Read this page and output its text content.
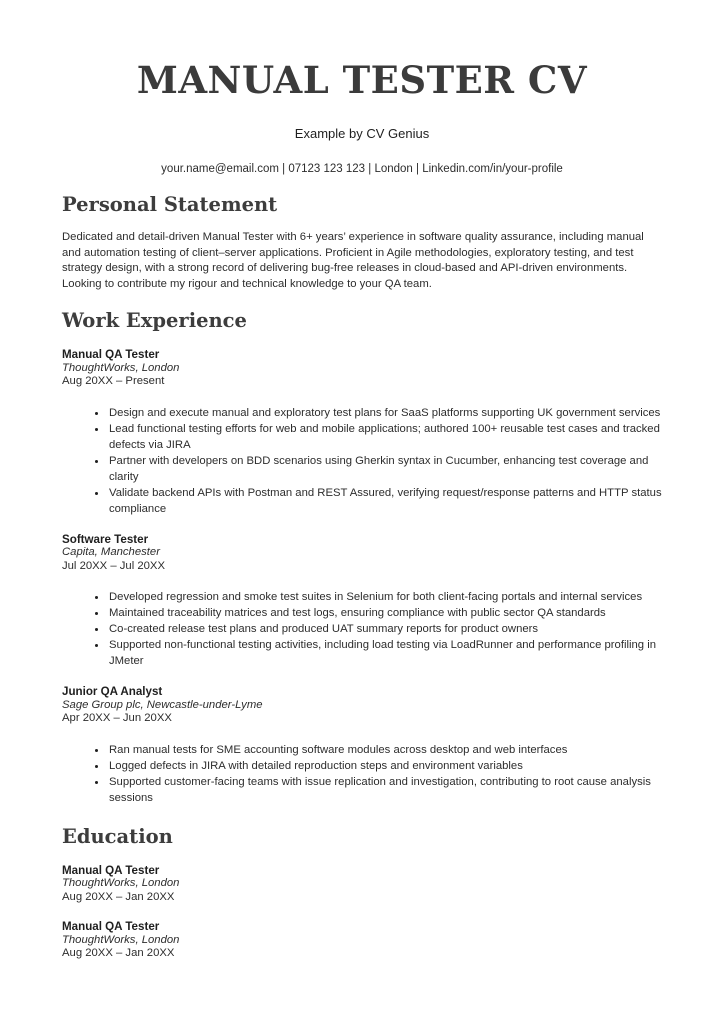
MANUAL TESTER CV

Example by CV Genius

your.name@email.com | 07123 123 123 | London | Linkedin.com/in/your-profile

Personal Statement

Dedicated and detail-driven Manual Tester with 6+ years’ experience in software quality assurance, including manual and automation testing of client–server applications. Proficient in Agile methodologies, exploratory testing, and test strategy design, with a strong record of delivering bug-free releases in cloud-based and API-driven environments. Looking to contribute my rigour and technical knowledge to your QA team.

Work Experience

Manual QA Tester

ThoughtWorks, London

Aug 20XX – Present

• Design and execute manual and exploratory test plans for SaaS platforms supporting UK government services
• Lead functional testing efforts for web and mobile applications; authored 100+ reusable test cases and tracked defects via JIRA
• Partner with developers on BDD scenarios using Gherkin syntax in Cucumber, enhancing test coverage and clarity
• Validate backend APIs with Postman and REST Assured, verifying request/response patterns and HTTP status compliance

Software Tester

Capita, Manchester

Jul 20XX – Jul 20XX

• Developed regression and smoke test suites in Selenium for both client-facing portals and internal services
• Maintained traceability matrices and test logs, ensuring compliance with public sector QA standards
• Co-created release test plans and produced UAT summary reports for product owners
• Supported non-functional testing activities, including load testing via LoadRunner and performance profiling in JMeter

Junior QA Analyst

Sage Group plc, Newcastle-under-Lyme

Apr 20XX – Jun 20XX

• Ran manual tests for SME accounting software modules across desktop and web interfaces
• Logged defects in JIRA with detailed reproduction steps and environment variables
• Supported customer-facing teams with issue replication and investigation, contributing to root cause analysis sessions
Education

Manual QA Tester

ThoughtWorks, London

Aug 20XX – Jan 20XX

Manual QA Tester

ThoughtWorks, London

Aug 20XX – Jan 20XX
